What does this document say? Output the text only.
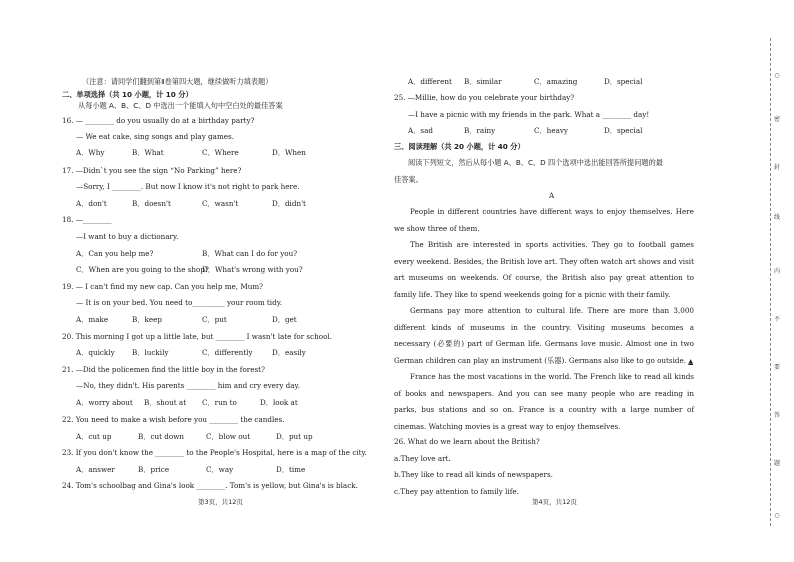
（注意：请同学们翻到第Ⅱ卷第四大题，继续做听力填表题）
二、单项选择（共 10 小题，计 10 分）
从每小题 A、B、C、D 中选出一个能填入句中空白处的最佳答案
16. — ________ do you usually do at a birthday party?
— We eat cake, sing songs and play games.
A．Why	B．What	C．Where	D．When
17. —Didn`t you see the sign “No Parking” here?
—Sorry, I ________. But now I know it's not right to park here.
A．don't	B．doesn't	C．wasn't	D．didn't
18. —________
—I want to buy a dictionary.
A．Can you help me?	B．What can I do for you?
C．When are you going to the shop?
D．What's wrong with you?
19. — I can't find my new cap. Can you help me, Mum?
— It is on your bed. You need to_________ your room tidy.
A．make	B．keep	C．put	D．get
20. This morning I got up a little late, but ________ I wasn't late for school.
A．quickly B．luckily	C．differently	D．easily
21. —Did the policemen find the little boy in the forest?
—No, they didn't. His parents ________ him and cry every day.
A．worry about B．shout at C．run to	D．look at
22. You need to make a wish before you ________ the candles.
A．cut up	B．cut down	C．blow out	D．put up
23. If you don't know the ________ to the People's Hospital, here is a map of the city.
A．answer	B．price	C．way	D．time
24. Tom's schoolbag and Gina's look ________. Tom's is yellow, but Gina's is black.
第3页，共12页
A．different B．similar	C．amazing	D．special
25. —Millie, how do you celebrate your birthday?
—I have a picnic with my friends in the park. What a ________ day!
A．sad	B．rainy	C．heavy	D．special
三、阅读理解（共 20 小题，计 40 分）
阅读下列短文，然后从每小题 A、B、C、D 四个选项中选出能回答所提问题的最
佳答案。
A
People in different countries have different ways to enjoy themselves. Here we show three of them.
The British are interested in sports activities. They go to football games every weekend. Besides, the British love art. They often watch art shows and visit art museums on weekends. Of course, the British also pay great attention to family life. They like to spend weekends going for a picnic with their family.
Germans pay more attention to cultural life. There are more than 3,000 different kinds of museums in the country. Visiting museums becomes a necessary (必要的) part of German life. Germans love music. Almost one in two German children can play an instrument (乐器). Germans also like to go outside. ▲
France has the most vacations in the world. The French like to read all kinds of books and newspapers. And you can see many people who are reading in parks, bus stations and so on. France is a country with a large number of cinemas. Watching movies is a great way to enjoy themselves.
26. What do we learn about the British?
a.They love art.
b.They like to read all kinds of newspapers.
c.They pay attention to family life.
第4页，共12页
○
密
封
线
内
不
要
答
题
○
